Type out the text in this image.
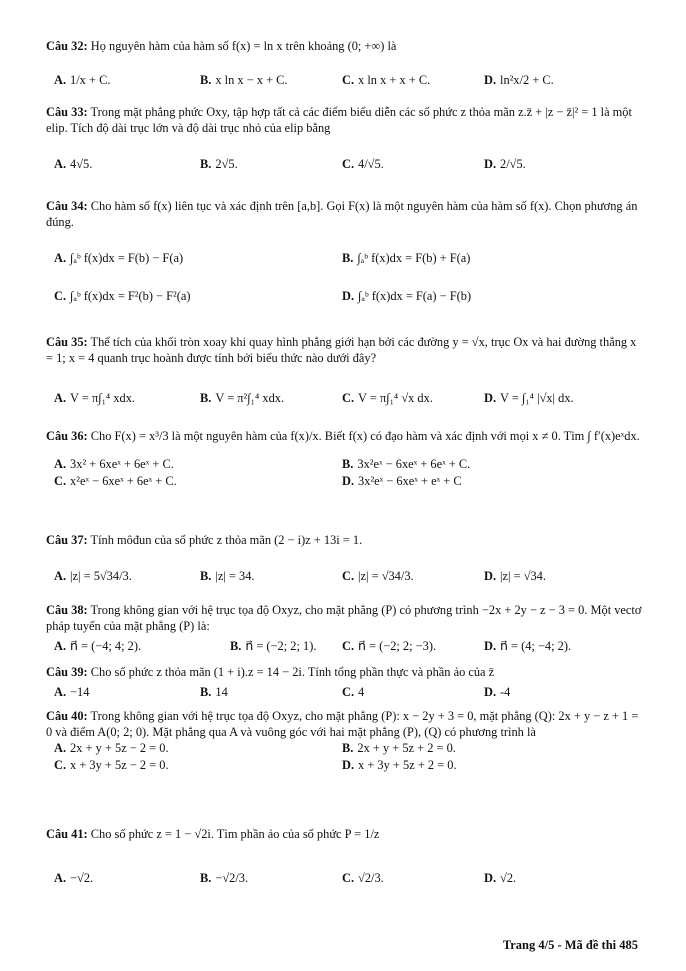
Câu 32: Họ nguyên hàm của hàm số f(x) = ln x trên khoảng (0; +∞) là

A. 1/x + C.	B. x ln x − x + C.	C. x ln x + x + C.	D. ln²x/2 + C.

Câu 33: Trong mặt phẳng phức Oxy, tập hợp tất cả các điểm biểu diễn các số phức z thỏa mãn z.z̄ + |z − z̄|² = 1 là một elip. Tích độ dài trục lớn và độ dài trục nhỏ của elip bằng

A. 4√5.	B. 2√5.	C. 4/√5.	D. 2/√5.

Câu 34: Cho hàm số f(x) liên tục và xác định trên [a,b]. Gọi F(x) là một nguyên hàm của hàm số f(x). Chọn phương án đúng.

A. ∫ₐᵇ f(x)dx = F(b) − F(a)	B. ∫ₐᵇ f(x)dx = F(b) + F(a)
C. ∫ₐᵇ f(x)dx = F²(b) − F²(a)	D. ∫ₐᵇ f(x)dx = F(a) − F(b)

Câu 35: Thể tích của khối tròn xoay khi quay hình phẳng giới hạn bởi các đường y = √x, trục Ox và hai đường thẳng x = 1; x = 4 quanh trục hoành được tính bởi biểu thức nào dưới đây?

A. V = π∫₁⁴ xdx.	B. V = π²∫₁⁴ xdx.	C. V = π∫₁⁴ √x dx.	D. V = ∫₁⁴ |√x| dx.

Câu 36: Cho F(x) = x³/3 là một nguyên hàm của f(x)/x. Biết f(x) có đạo hàm và xác định với mọi x ≠ 0. Tìm ∫ f′(x)eˣdx.

A. 3x² + 6xeˣ + 6eˣ + C.	B. 3x²eˣ − 6xeˣ + 6eˣ + C.
C. x²eˣ − 6xeˣ + 6eˣ + C.	D. 3x²eˣ − 6xeˣ + eˣ + C

Câu 37: Tính môđun của số phức z thỏa mãn (2 − i)z + 13i = 1.

A. |z| = 5√34/3.	B. |z| = 34.	C. |z| = √34/3.	D. |z| = √34.

Câu 38: Trong không gian với hệ trục tọa độ Oxyz, cho mặt phẳng (P) có phương trình −2x + 2y − z − 3 = 0. Một vectơ pháp tuyến của mặt phẳng (P) là:

A. n⃗ = (−4; 4; 2).	B. n⃗ = (−2; 2; 1). C. n⃗ = (−2; 2; −3).	D. n⃗ = (4; −4; 2).

Câu 39: Cho số phức z thỏa mãn (1 + i).z = 14 − 2i. Tính tổng phần thực và phần ảo của z̄

A. −14	B. 14	C. 4	D. -4

Câu 40: Trong không gian với hệ trục tọa độ Oxyz, cho mặt phẳng (P): x − 2y + 3 = 0, mặt phẳng (Q): 2x + y − z + 1 = 0 và điểm A(0; 2; 0). Mặt phẳng qua A và vuông góc với hai mặt phẳng (P), (Q) có phương trình là

A. 2x + y + 5z − 2 = 0.	B. 2x + y + 5z + 2 = 0.
C. x + 3y + 5z − 2 = 0.	D. x + 3y + 5z + 2 = 0.

Câu 41: Cho số phức z = 1 − √2i. Tìm phần ảo của số phức P = 1/z

A. −√2.	B. −√2/3.	C. √2/3.	D. √2.
Trang 4/5 - Mã đề thi 485
